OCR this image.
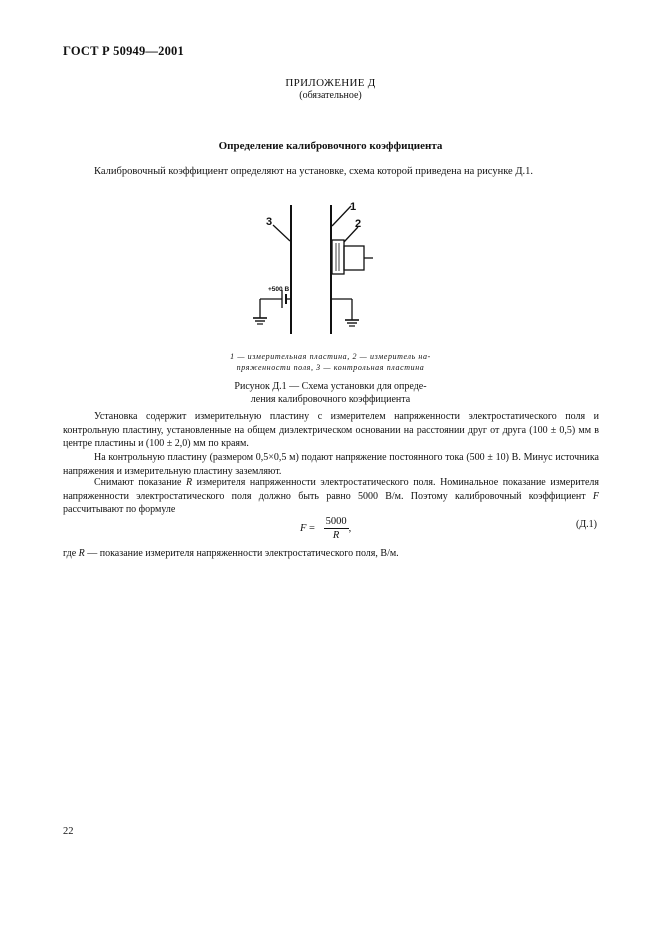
ГОСТ Р 50949—2001
ПРИЛОЖЕНИЕ Д
(обязательное)
Определение калибровочного коэффициента
Калибровочный коэффициент определяют на установке, схема которой приведена на рисунке Д.1.
3
1
2
+500 В
1 — измерительная пластина, 2 — измеритель на-
пряженности поля, 3 — контрольная пластина
Рисунок Д.1 — Схема установки для опреде-
ления калибровочного коэффициента

Установка содержит измерительную пластину с измерителем напряженности электростатического поля и контрольную пластину, установленные на общем диэлектрическом основании на расстоянии друг от друга (100 ± 0,5) мм в центре пластины и (100 ± 2,0) мм по краям.

На контрольную пластину (размером 0,5×0,5 м) подают напряжение постоянного тока (500 ± 10) В. Минус источника напряжения и измерительную пластину заземляют.

Снимают показание R измерителя напряженности электростатического поля. Номинальное показание измерителя напряженности электростатического поля должно быть равно 5000 В/м. Поэтому калибровочный коэффициент F рассчитывают по формуле

$F = \frac{5000}{R}$ ,	(Д.1)

где R — показание измерителя напряженности электростатического поля, В/м.

22
